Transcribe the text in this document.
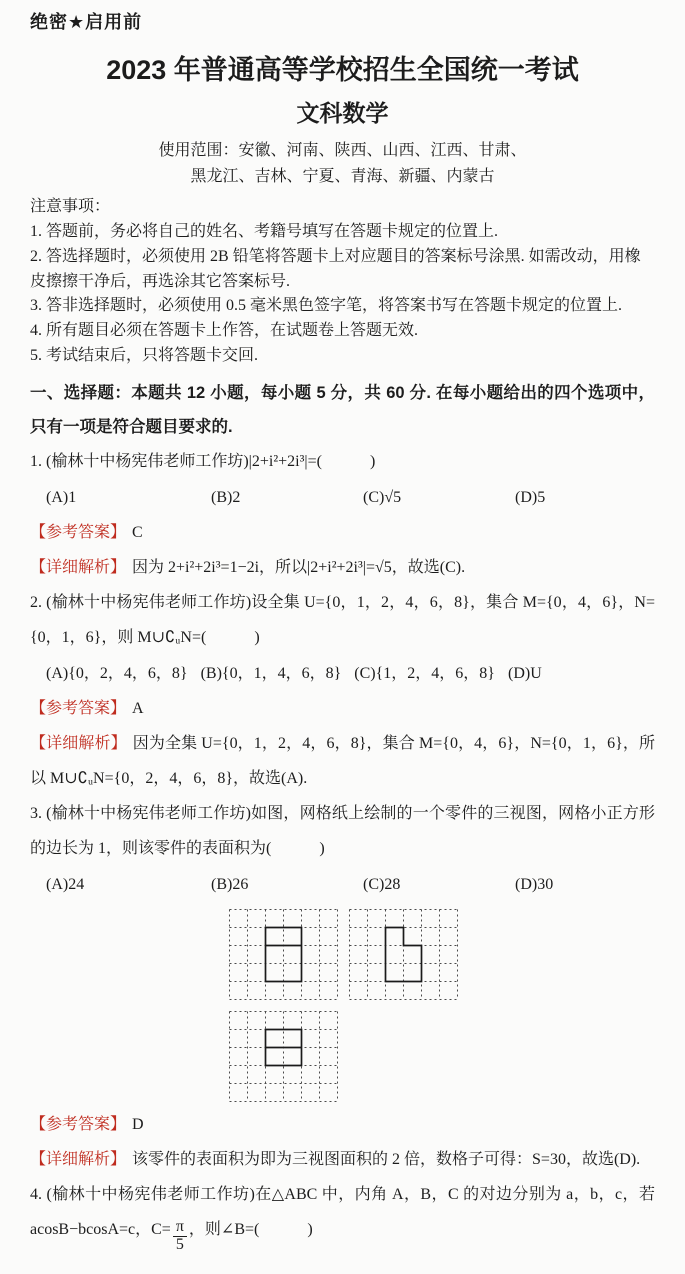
绝密★启用前
2023 年普通高等学校招生全国统一考试
文科数学
使用范围：安徽、河南、陕西、山西、江西、甘肃、
黑龙江、吉林、宁夏、青海、新疆、内蒙古

注意事项：

1. 答题前，务必将自己的姓名、考籍号填写在答题卡规定的位置上.

2. 答选择题时，必须使用 2B 铅笔将答题卡上对应题目的答案标号涂黑. 如需改动，用橡皮擦擦干净后，再选涂其它答案标号.

3. 答非选择题时，必须使用 0.5 毫米黑色签字笔，将答案书写在答题卡规定的位置上.

4. 所有题目必须在答题卡上作答，在试题卷上答题无效.

5. 考试结束后，只将答题卡交回.

一、选择题：本题共 12 小题，每小题 5 分，共 60 分. 在每小题给出的四个选项中，只有一项是符合题目要求的.

1. (榆林十中杨宪伟老师工作坊)|2+i²+2i³|=(　　　)

(A)1	(B)2	(C)√5	(D)5

【参考答案】 C

【详细解析】 因为 2+i²+2i³=1−2i，所以|2+i²+2i³|=√5，故选(C).

2. (榆林十中杨宪伟老师工作坊)设全集 U={0，1，2，4，6，8}，集合 M={0，4，6}，N={0，1，6}，则 M∪∁ᵤN=(　　　)

(A){0，2，4，6，8} (B){0，1，4，6，8} (C){1，2，4，6，8} (D)U

【参考答案】 A

【详细解析】 因为全集 U={0，1，2，4，6，8}，集合 M={0，4，6}，N={0，1，6}，所以 M∪∁ᵤN={0，2，4，6，8}，故选(A).

3. (榆林十中杨宪伟老师工作坊)如图，网格纸上绘制的一个零件的三视图，网格小正方形的边长为 1，则该零件的表面积为(　　　)

(A)24	(B)26	(C)28	(D)30

【参考答案】 D

【详细解析】 该零件的表面积为即为三视图面积的 2 倍，数格子可得：S=30，故选(D).

4. (榆林十中杨宪伟老师工作坊)在△ABC 中，内角 A，B，C 的对边分别为 a，b，c，若 acosB−bcosA=c，$C= \frac{\pi}{5}$ ，则∠B=(　　　)
